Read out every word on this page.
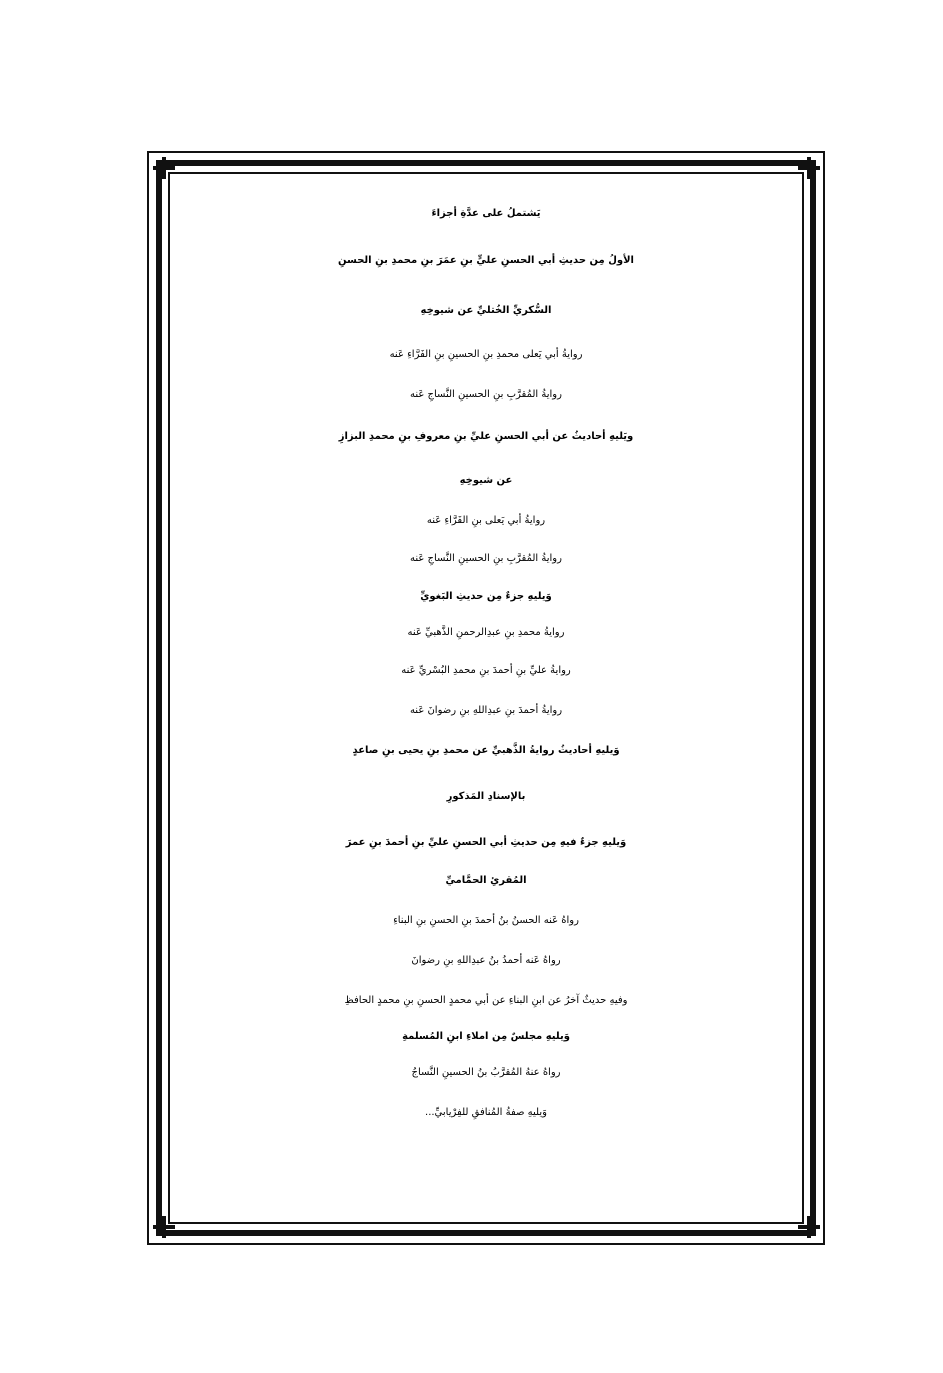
يَشتملُ على عدَّةِ أجزاءَ
الأولُ مِن حديثِ أبي الحسنِ عليٍّ بنِ عمَرَ بنِ محمدِ بنِ الحسنِ
السُّكريِّ الخُتليِّ عن شيوخِهِ
روايةُ أبي يَعلى محمدِ بنِ الحسينِ بنِ الفَرَّاءِ عَنه
روايةُ المُقرَّبِ بنِ الحسينِ النَّساجِ عَنه
ويَليهِ أحاديثُ عن أبي الحسنِ عليِّ بنِ معروفِ بنِ محمدِ البزازِ
عن شيوخِهِ
روايةُ أبي يَعلى بنِ الفَرَّاءِ عَنه
روايةُ المُقرَّبِ بنِ الحسينِ النَّساجِ عَنه
وَيليهِ جزءٌ مِن حديثِ البَغويِّ
روايةُ محمدِ بنِ عبدِالرحمنِ الذَّهبيِّ عَنه
روايةُ عليِّ بنِ أحمدَ بنِ محمدِ البُسْريِّ عَنه
روايةُ أحمدَ بنِ عبدِاللهِ بنِ رضوانَ عَنه
وَيليهِ أحاديثُ روايةُ الذَّهبيِّ عن محمدِ بنِ يحيى بنِ صاعدٍ
بالإسنادِ المَذكورِ
وَيليهِ جزءٌ فيهِ مِن حديثِ أبي الحسنِ عليِّ بنِ أحمدَ بنِ عمرَ
المُقرئِ الحمَّاميِّ
رواهُ عَنه الحسنُ بنُ أحمدَ بنِ الحسنِ بنِ البناءِ
رواهُ عَنه أحمدُ بنُ عبدِاللهِ بنِ رضوانَ
وفيهِ حديثٌ آخرُ عن ابنِ البناءِ عن أبي محمدٍ الحسنِ بنِ محمدٍ الحافظِ
وَيليهِ مجلسٌ مِن املاءِ ابنِ المُسلمةِ
رواهُ عنهُ المُقرَّبُ بنُ الحسينِ النَّساجُ
وَيليهِ صفةُ المُنافقِ للفِرْيابيِّ...
